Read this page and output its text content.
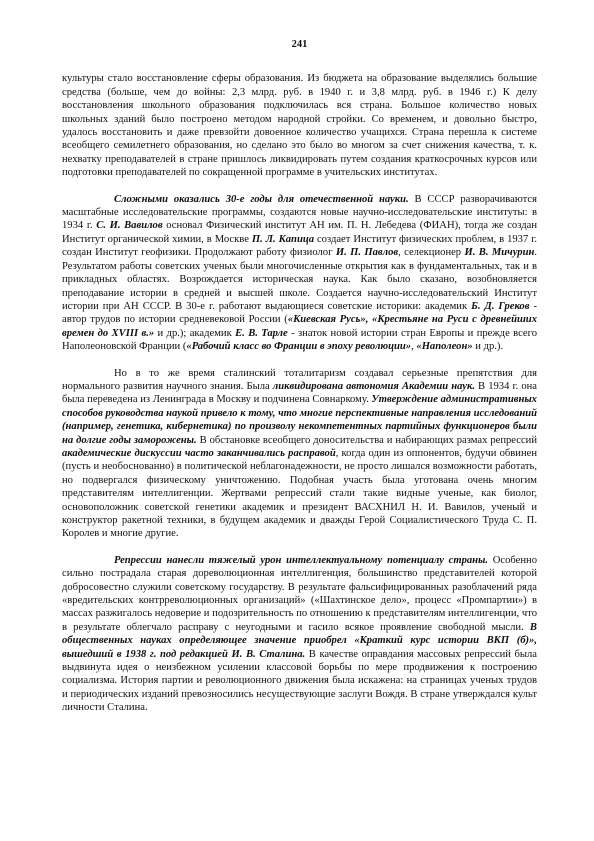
241

культуры стало восстановление сферы образования. Из бюджета на образование выделялись большие средства (больше, чем до войны: 2,3 млрд. руб. в 1940 г. и 3,8 млрд. руб. в 1946 г.) К делу восстановления школьного образования подключилась вся страна. Большое количество новых школьных зданий было построено методом народной стройки. Со временем, и довольно быстро, удалось восстановить и даже превзойти довоенное количество учащихся. Страна перешла к системе всеобщего семилетнего образования, но сделано это было во многом за счет снижения качества, т. к. нехватку преподавателей в стране пришлось ликвидировать путем создания краткосрочных курсов или подготовки преподавателей по сокращенной программе в учительских институтах.

Сложными оказались 30-е годы для отечественной науки. В СССР разворачиваются масштабные исследовательские программы, создаются новые научно-исследовательские институты: в 1934 г. С. И. Вавилов основал Физический институт АН им. П. Н. Лебедева (ФИАН), тогда же создан Институт органической химии, в Москве П. Л. Капица создает Институт физических проблем, в 1937 г. создан Институт геофизики. Продолжают работу физиолог И. П. Павлов, селекционер И. В. Мичурин. Результатом работы советских ученых были многочисленные открытия как в фундаментальных, так и в прикладных областях. Возрождается историческая наука. Как было сказано, возобновляется преподавание истории в средней и высшей школе. Создается научно-исследовательский Институт истории при АН СССР. В 30-е г. работают выдающиеся советские историки: академик Б. Д. Греков - автор трудов по истории средневековой России («Киевская Русь», «Крестьяне на Руси с древнейших времен до XVIII в.» и др.); академик Е. В. Тарле - знаток новой истории стран Европы и прежде всего Наполеоновской Франции («Рабочий класс во Франции в эпоху революции», «Наполеон» и др.).

Но в то же время сталинский тоталитаризм создавал серьезные препятствия для нормального развития научного знания. Была ликвидирована автономия Академии наук. В 1934 г. она была переведена из Ленинграда в Москву и подчинена Совнаркому. Утверждение административных способов руководства наукой привело к тому, что многие перспективные направления исследований (например, генетика, кибернетика) по произволу некомпетентных партийных функционеров были на долгие годы заморожены. В обстановке всеобщего доносительства и набирающих размах репрессий академические дискуссии часто заканчивались расправой, когда один из оппонентов, будучи обвинен (пусть и необоснованно) в политической неблагонадежности, не просто лишался возможности работать, но подвергался физическому уничтожению. Подобная участь была уготована очень многим представителям интеллигенции. Жертвами репрессий стали такие видные ученые, как биолог, основоположник советской генетики академик и президент ВАСХНИЛ Н. И. Вавилов, ученый и конструктор ракетной техники, в будущем академик и дважды Герой Социалистического Труда С. П. Королев и многие другие.

Репрессии нанесли тяжелый урон интеллектуальному потенциалу страны. Особенно сильно пострадала старая дореволюционная интеллигенция, большинство представителей которой добросовестно служили советскому государству. В результате фальсифицированных разоблачений ряда «вредительских контрреволюционных организаций» («Шахтинское дело», процесс «Промпартии») в массах разжигалось недоверие и подозрительность по отношению к представителям интеллигенции, что в результате облегчало расправу с неугодными и гасило всякое проявление свободной мысли. В общественных науках определяющее значение приобрел «Краткий курс истории ВКП (б)», вышедший в 1938 г. под редакцией И. В. Сталина. В качестве оправдания массовых репрессий была выдвинута идея о неизбежном усилении классовой борьбы по мере продвижения к построению социализма. История партии и революционного движения была искажена: на страницах ученых трудов и периодических изданий превозносились несуществующие заслуги Вождя. В стране утверждался культ личности Сталина.
